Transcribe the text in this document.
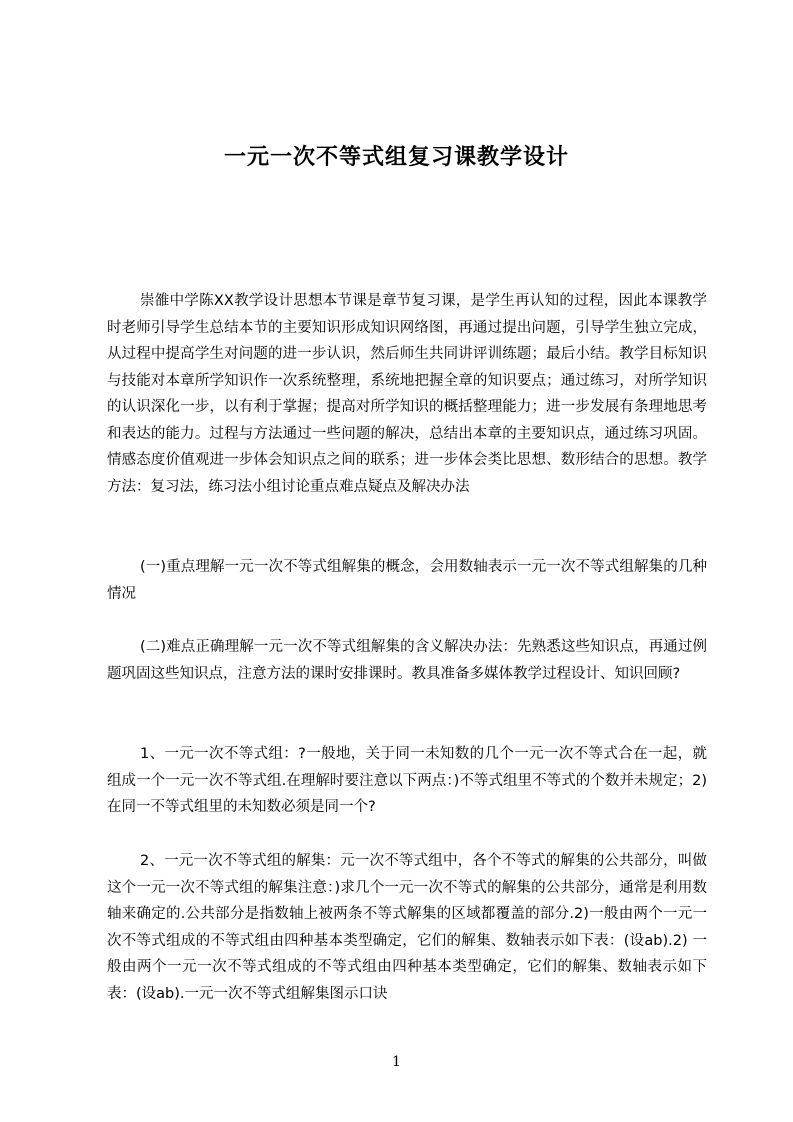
一元一次不等式组复习课教学设计

崇雒中学陈XX教学设计思想本节课是章节复习课，是学生再认知的过程，因此本课教学时老师引导学生总结本节的主要知识形成知识网络图，再通过提出问题，引导学生独立完成，从过程中提高学生对问题的进一步认识，然后师生共同讲评训练题；最后小结。教学目标知识与技能对本章所学知识作一次系统整理，系统地把握全章的知识要点；通过练习，对所学知识的认识深化一步，以有利于掌握；提高对所学知识的概括整理能力；进一步发展有条理地思考和表达的能力。过程与方法通过一些问题的解决，总结出本章的主要知识点，通过练习巩固。情感态度价值观进一步体会知识点之间的联系；进一步体会类比思想、数形结合的思想。教学方法：复习法，练习法小组讨论重点难点疑点及解决办法

(一)重点理解一元一次不等式组解集的概念，会用数轴表示一元一次不等式组解集的几种情况

(二)难点正确理解一元一次不等式组解集的含义解决办法：先熟悉这些知识点，再通过例题巩固这些知识点，注意方法的课时安排课时。教具准备多媒体教学过程设计、知识回顾?

1、一元一次不等式组：?一般地，关于同一未知数的几个一元一次不等式合在一起，就组成一个一元一次不等式组.在理解时要注意以下两点：)不等式组里不等式的个数并未规定；2)在同一不等式组里的未知数必须是同一个?

2、一元一次不等式组的解集：元一次不等式组中，各个不等式的解集的公共部分，叫做这个一元一次不等式组的解集注意：)求几个一元一次不等式的解集的公共部分，通常是利用数轴来确定的.公共部分是指数轴上被两条不等式解集的区域都覆盖的部分.2)一般由两个一元一次不等式组成的不等式组由四种基本类型确定，它们的解集、数轴表示如下表：(设ab).2) 一般由两个一元一次不等式组成的不等式组由四种基本类型确定，它们的解集、数轴表示如下表：(设ab).一元一次不等式组解集图示口诀

1
